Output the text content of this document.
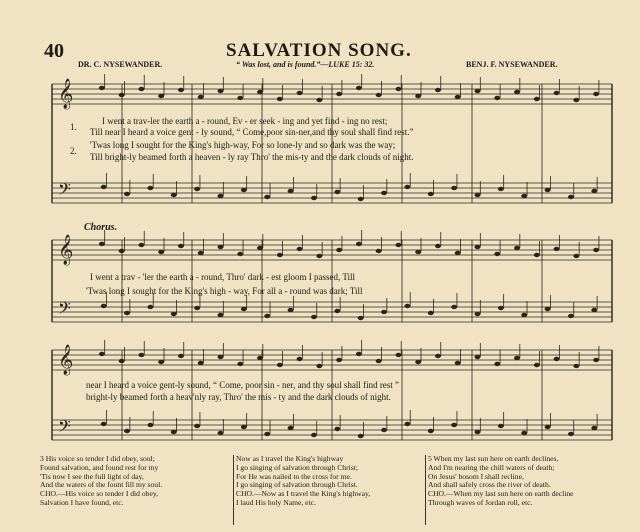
40	SALVATION SONG.
DR. C. NYSEWANDER.	“ Was lost, and is found.”—LUKE 15: 32.	BENJ. F. NYSEWANDER.
𝄞
𝄢
𝄞
𝄢
𝄞
𝄢
1.
2.
I went a trav-ler the earth a - round, Ev - er seek - ing and yet find - ing no rest;
Till near I heard a voice gent - ly sound, “ Come,poor sin-ner,and thy soul shall find rest.”
'Twas long I sought for the King's high-way, For so lone-ly and so dark was the way;
Till bright-ly beamed forth a heaven - ly ray Thro' the mis-ty and the dark clouds of night.
Chorus.
I went a trav - 'ler the earth a - round, Thro' dark - est gloom I passed, Till
'Twas long I sought for the King's high - way, For all a - round was dark; Till
near I heard a voice gent-ly sound, “ Come, poor sin - ner, and thy soul shall find rest ”
bright-ly beamed forth a heav'nly ray, Thro' the mis - ty and the dark clouds of night.
3 His voice so tender I did obey, soul;
Found salvation, and found rest for my
'Tis now I see the full light of day,
And the waters of the fount fill my soul.
CHO.—His voice so tender I did obey,
Salvation I have found, etc.
Now as I travel the King's highway
I go singing of salvation through Christ;
For He was nailed to the cross for me.
I go singing of salvation through Christ.
CHO.—Now as I travel the King's highway,
I laud His holy Name, etc.
5 When my last sun here on earth declines,
And I'm nearing the chill waters of death;
On Jesus' bosom I shall recline,
And shall safely cross the river of death.
CHO.—When my last sun here on earth decline
Through waves of Jordan roll, etc.
